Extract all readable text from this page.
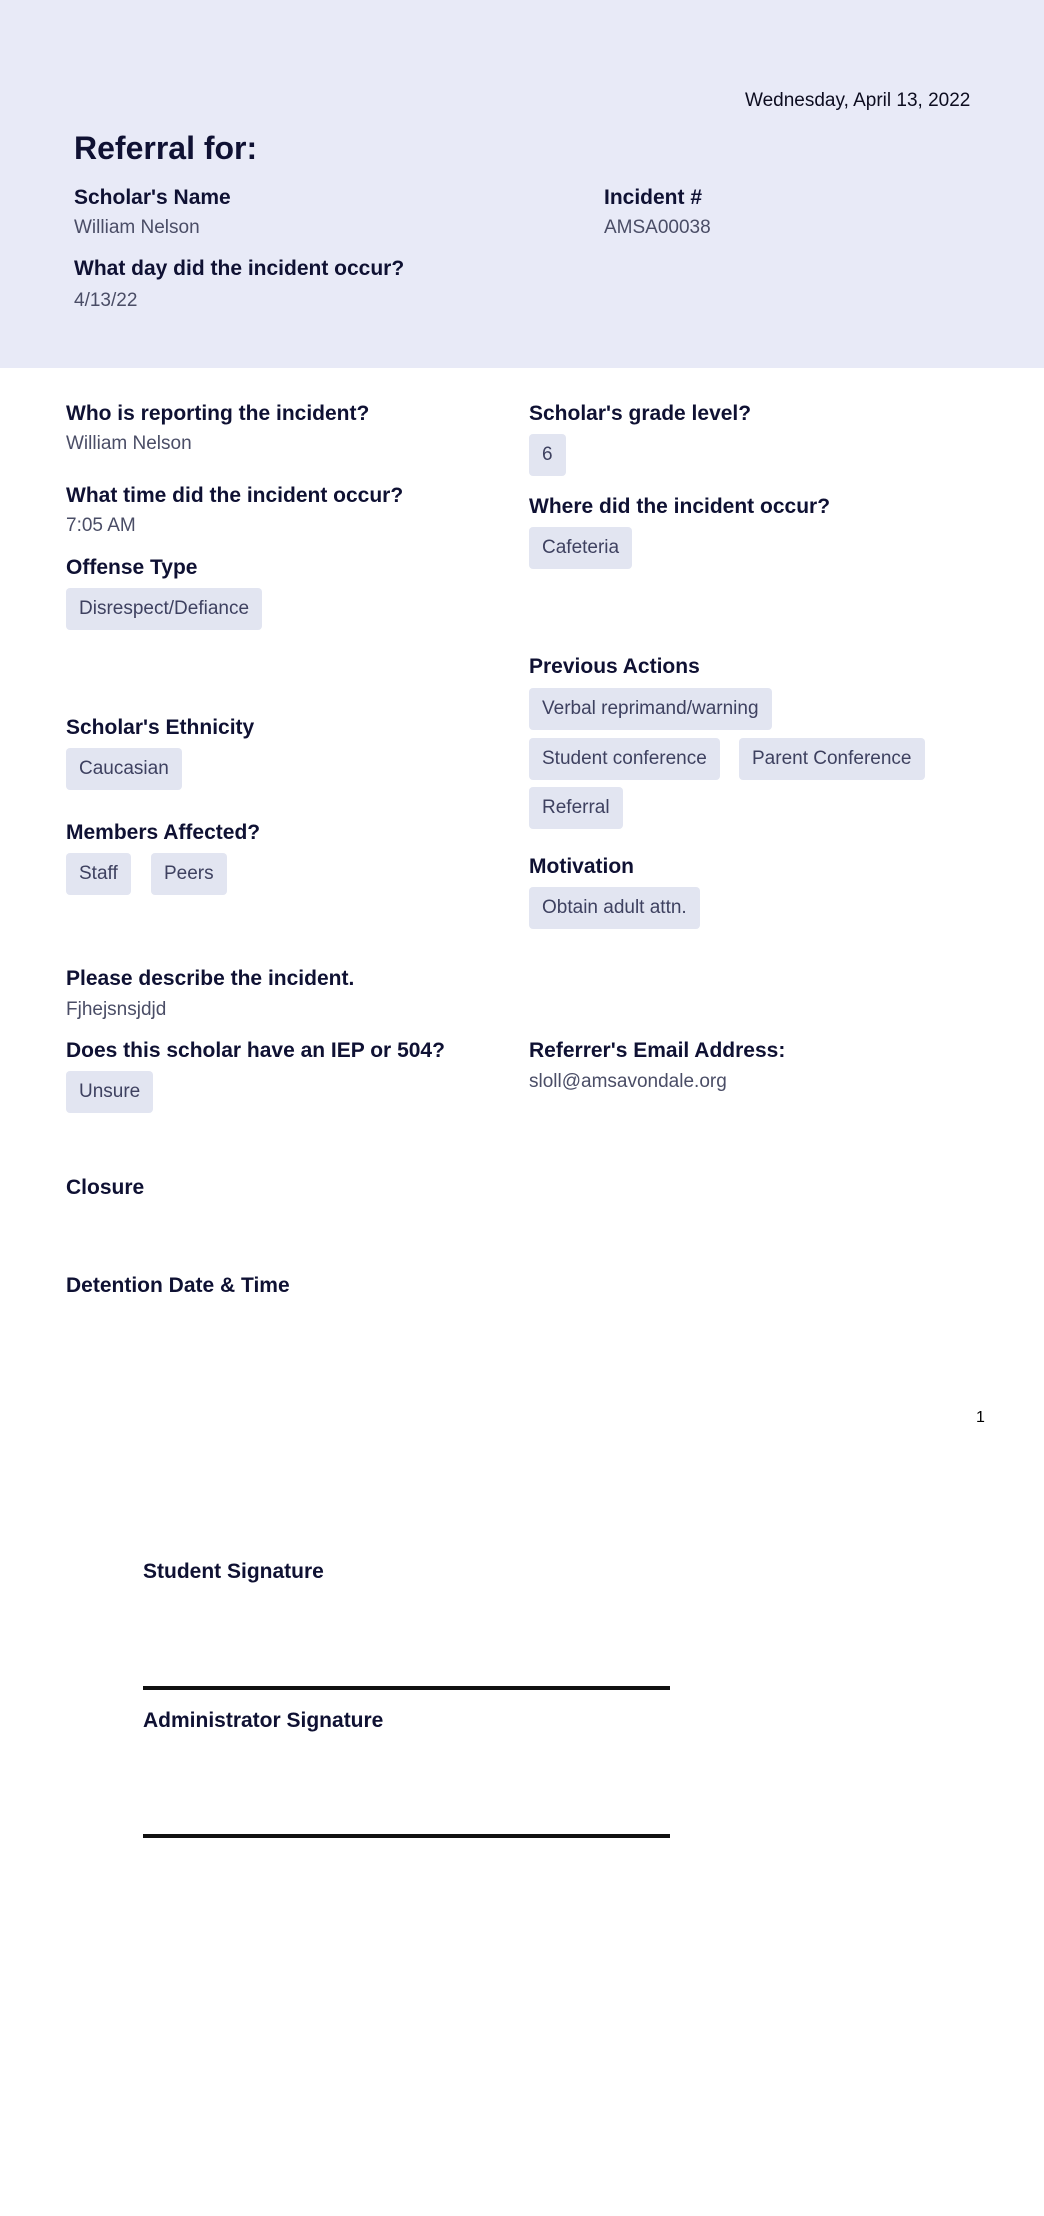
Wednesday, April 13, 2022
Referral for:
Scholar's Name
William Nelson
Incident #
AMSA00038
What day did the incident occur?
4/13/22
Who is reporting the incident?
William Nelson
What time did the incident occur?
7:05 AM
Offense Type
Disrespect/Defiance
Scholar's Ethnicity
Caucasian
Members Affected?
Staff	Peers
Scholar's grade level?
6
Where did the incident occur?
Cafeteria
Previous Actions
Verbal reprimand/warning
Student conference	Parent Conference
Referral
Motivation
Obtain adult attn.
Please describe the incident.
Fjhejsnsjdjd
Does this scholar have an IEP or 504?
Unsure
Referrer's Email Address:
sloll@amsavondale.org
Closure
Detention Date & Time
1
Student Signature
Administrator Signature
